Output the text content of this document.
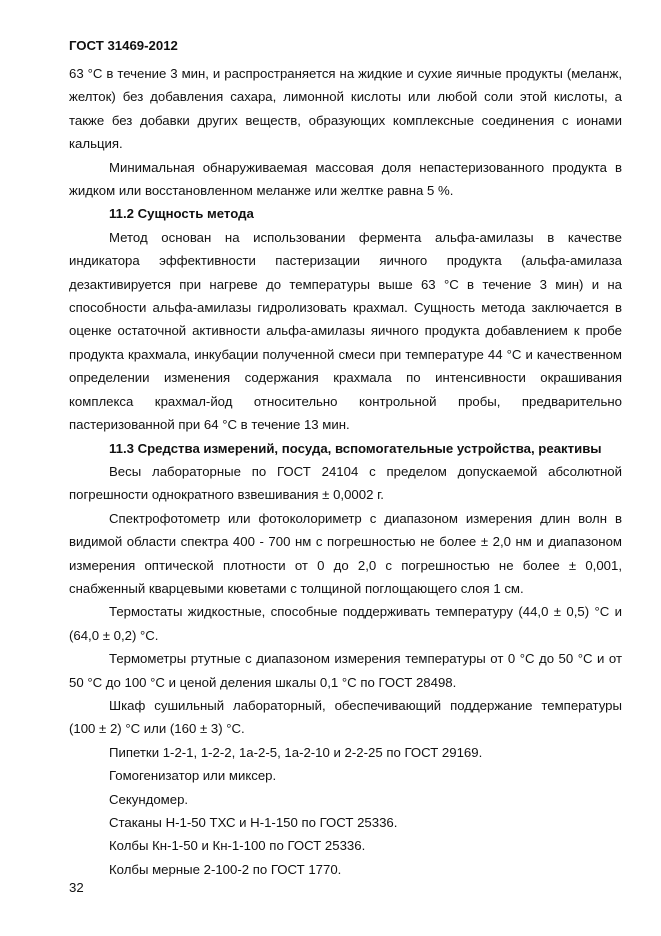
ГОСТ 31469-2012

63 °С в течение 3 мин, и распространяется на жидкие и сухие яичные продукты (меланж, желток) без добавления сахара, лимонной кислоты или любой соли этой кислоты, а также без добавки других веществ, образующих комплексные соединения с ионами кальция.

Минимальная обнаруживаемая массовая доля непастеризованного продукта в жидком или восстановленном меланже или желтке равна 5 %.

11.2 Сущность метода

Метод основан на использовании фермента альфа-амилазы в качестве индикатора эффективности пастеризации яичного продукта (альфа-амилаза дезактивируется при нагреве до температуры выше 63 °С в течение 3 мин) и на способности альфа-амилазы гидролизовать крахмал. Сущность метода заключается в оценке остаточной активности альфа-амилазы яичного продукта добавлением к пробе продукта крахмала, инкубации полученной смеси при температуре 44 °С и качественном определении изменения содержания крахмала по интенсивности окрашивания комплекса крахмал-йод относительно контрольной пробы, предварительно пастеризованной при 64 °С в течение 13 мин.

11.3 Средства измерений, посуда, вспомогательные устройства, реактивы

Весы лабораторные по ГОСТ 24104 с пределом допускаемой абсолютной погрешности однократного взвешивания ± 0,0002 г.

Спектрофотометр или фотоколориметр с диапазоном измерения длин волн в видимой области спектра 400 - 700 нм с погрешностью не более ± 2,0 нм и диапазоном измерения оптической плотности от 0 до 2,0 с погрешностью не более ± 0,001, снабженный кварцевыми кюветами с толщиной поглощающего слоя 1 см.

Термостаты жидкостные, способные поддерживать температуру (44,0 ± 0,5) °С и (64,0 ± 0,2) °С.

Термометры ртутные с диапазоном измерения температуры от 0 °С до 50 °С и от 50 °С до 100 °С и ценой деления шкалы 0,1 °С по ГОСТ 28498.

Шкаф сушильный лабораторный, обеспечивающий поддержание температуры (100 ± 2) °С или (160 ± 3) °С.

Пипетки 1-2-1, 1-2-2, 1а-2-5, 1а-2-10 и 2-2-25 по ГОСТ 29169.

Гомогенизатор или миксер.

Секундомер.

Стаканы Н-1-50 ТХС и Н-1-150 по ГОСТ 25336.

Колбы Кн-1-50 и Кн-1-100 по ГОСТ 25336.

Колбы мерные 2-100-2 по ГОСТ 1770.

32
